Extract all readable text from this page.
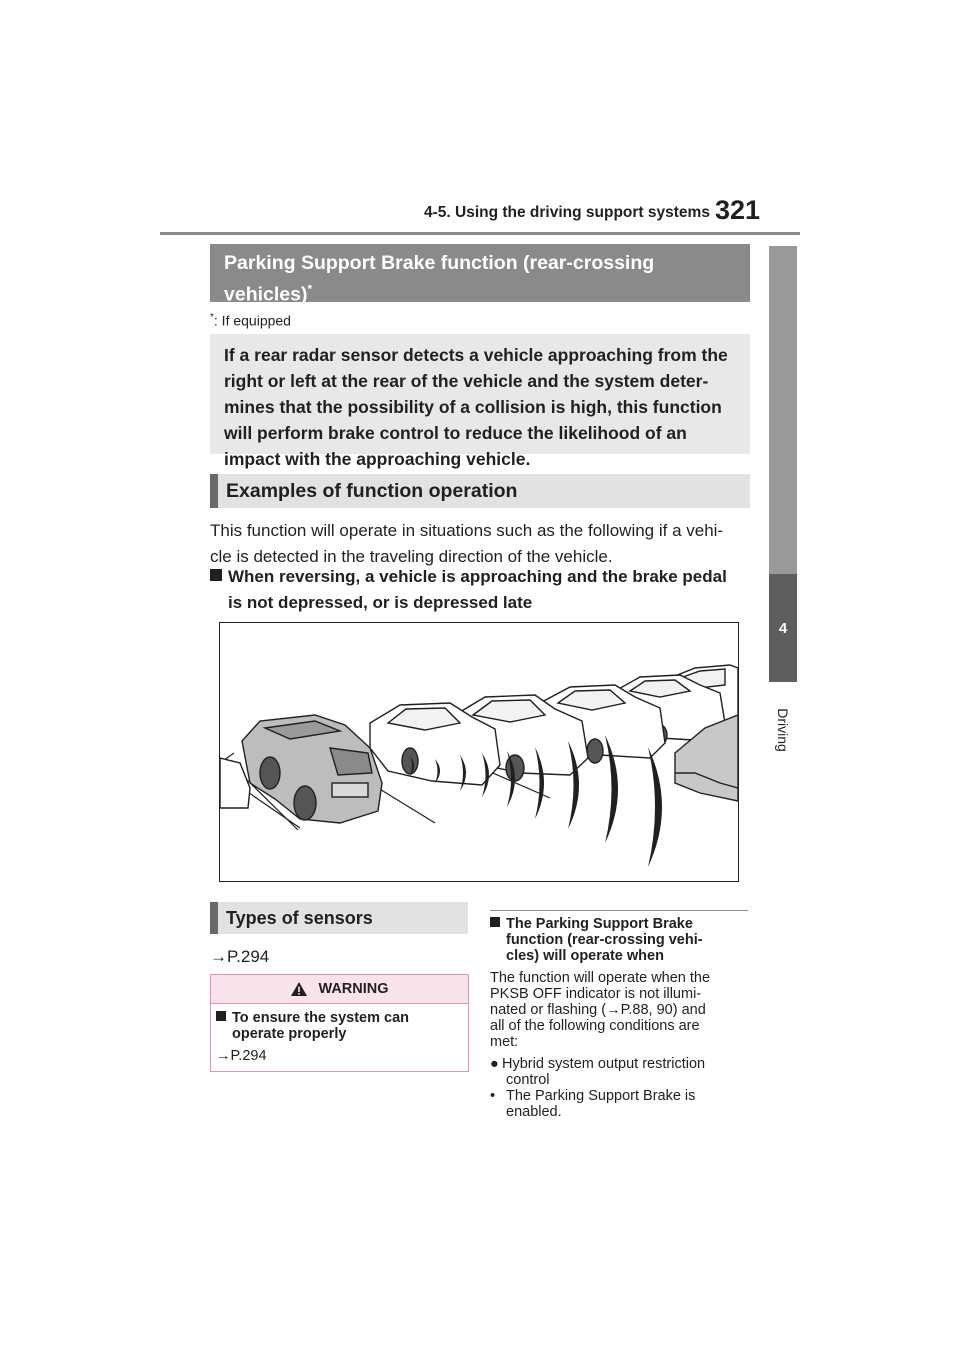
4-5. Using the driving support systems 321
4
Driving
Parking Support Brake function (rear-crossing
vehicles)*
*: If equipped
If a rear radar sensor detects a vehicle approaching from the
right or left at the rear of the vehicle and the system deter-
mines that the possibility of a collision is high, this function
will perform brake control to reduce the likelihood of an
impact with the approaching vehicle.
Examples of function operation
This function will operate in situations such as the following if a vehi-
cle is detected in the traveling direction of the vehicle.
When reversing, a vehicle is approaching and the brake pedal
is not depressed, or is depressed late
Types of sensors
→P.294
WARNING
To ensure the system can
operate properly
→P.294
The Parking Support Brake
function (rear-crossing vehi-
cles) will operate when
The function will operate when the
PKSB OFF indicator is not illumi-
nated or flashing (→P.88, 90) and
all of the following conditions are
met:
● Hybrid system output restriction
control
• The Parking Support Brake is
enabled.
